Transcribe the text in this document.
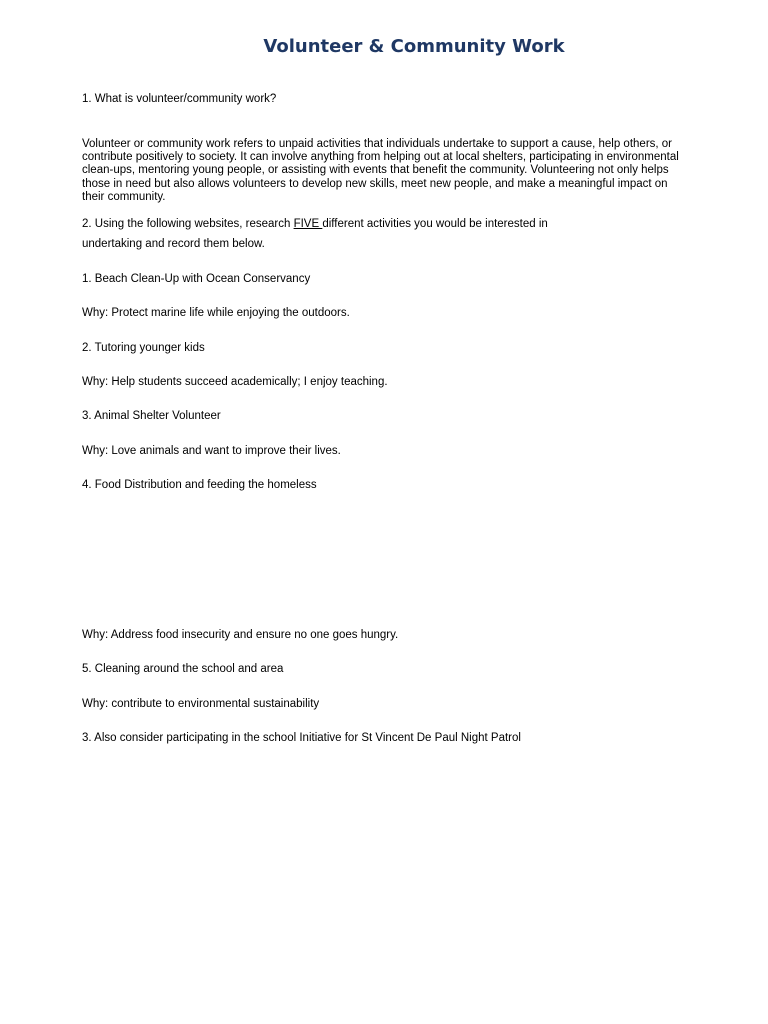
Volunteer & Community Work

1. What is volunteer/community work?

Volunteer or community work refers to unpaid activities that individuals undertake to support a cause, help others, or contribute positively to society. It can involve anything from helping out at local shelters, participating in environmental clean-ups, mentoring young people, or assisting with events that benefit the community. Volunteering not only helps those in need but also allows volunteers to develop new skills, meet new people, and make a meaningful impact on their community.

2. Using the following websites, research FIVE different activities you would be interested in

undertaking and record them below.

1. Beach Clean-Up with Ocean Conservancy

Why: Protect marine life while enjoying the outdoors.

2. Tutoring younger kids

Why: Help students succeed academically; I enjoy teaching.

3. Animal Shelter Volunteer

Why: Love animals and want to improve their lives.

4. Food Distribution and feeding the homeless

Why: Address food insecurity and ensure no one goes hungry.

5. Cleaning around the school and area

Why: contribute to environmental sustainability

3. Also consider participating in the school Initiative for St Vincent De Paul Night Patrol
